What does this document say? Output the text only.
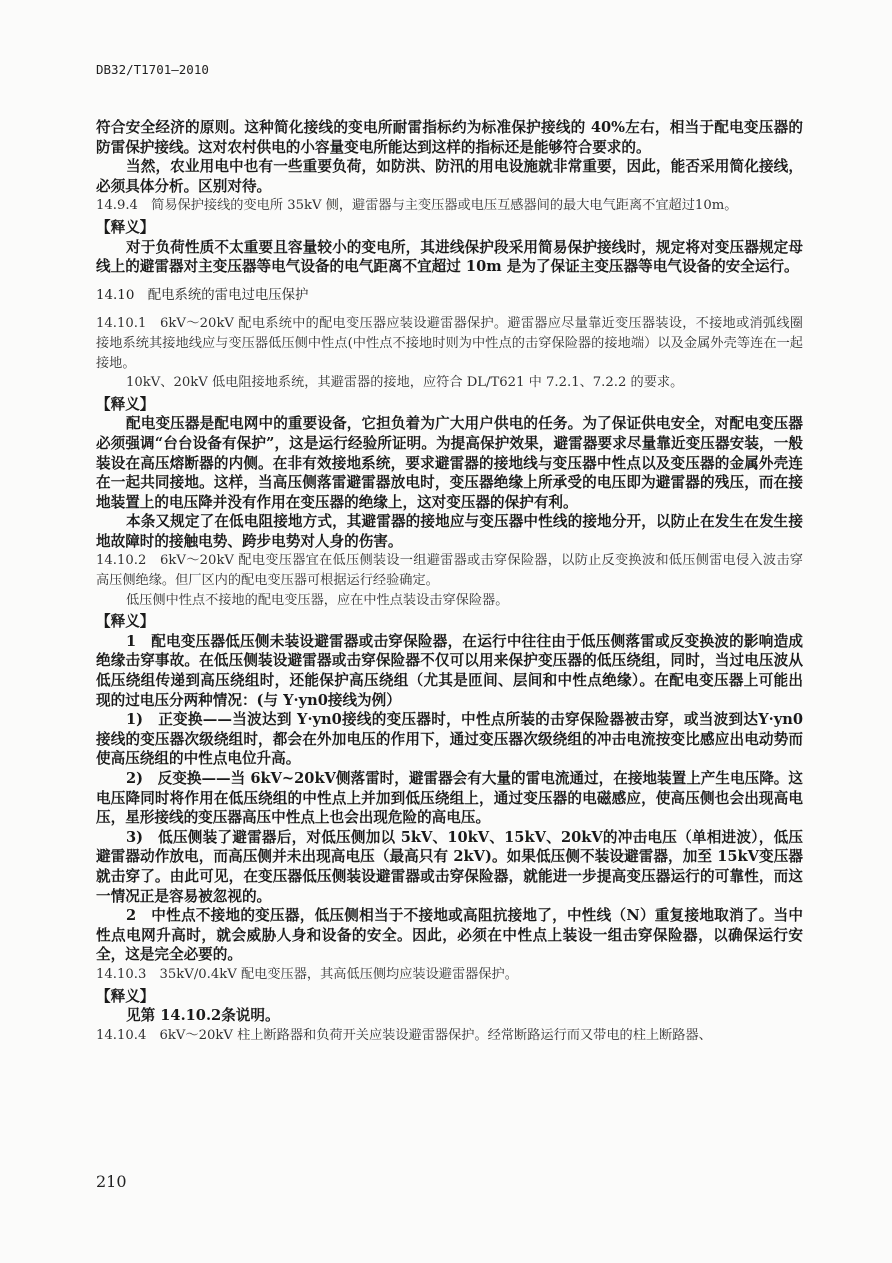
DB32/T1701—2010

符合安全经济的原则。这种简化接线的变电所耐雷指标约为标准保护接线的 40%左右，相当于配电变压器的防雷保护接线。这对农村供电的小容量变电所能达到这样的指标还是能够符合要求的。

当然，农业用电中也有一些重要负荷，如防洪、防汛的用电设施就非常重要，因此，能否采用简化接线，必须具体分析。区别对待。

14.9.4　简易保护接线的变电所 35kV 侧，避雷器与主变压器或电压互感器间的最大电气距离不宜超过10m。

【释义】

对于负荷性质不太重要且容量较小的变电所，其进线保护段采用简易保护接线时，规定将对变压器规定母线上的避雷器对主变压器等电气设备的电气距离不宜超过 10m 是为了保证主变压器等电气设备的安全运行。

14.10　配电系统的雷电过电压保护

14.10.1　6kV～20kV 配电系统中的配电变压器应装设避雷器保护。避雷器应尽量靠近变压器装设，不接地或消弧线圈接地系统其接地线应与变压器低压侧中性点(中性点不接地时则为中性点的击穿保险器的接地端）以及金属外壳等连在一起接地。

10kV、20kV 低电阻接地系统，其避雷器的接地，应符合 DL/T621 中 7.2.1、7.2.2 的要求。

【释义】

配电变压器是配电网中的重要设备，它担负着为广大用户供电的任务。为了保证供电安全，对配电变压器必须强调“台台设备有保护”，这是运行经验所证明。为提高保护效果，避雷器要求尽量靠近变压器安装，一般装设在高压熔断器的内侧。在非有效接地系统，要求避雷器的接地线与变压器中性点以及变压器的金属外壳连在一起共同接地。这样，当高压侧落雷避雷器放电时，变压器绝缘上所承受的电压即为避雷器的残压，而在接地装置上的电压降并没有作用在变压器的绝缘上，这对变压器的保护有利。

本条又规定了在低电阻接地方式，其避雷器的接地应与变压器中性线的接地分开，以防止在发生在发生接地故障时的接触电势、跨步电势对人身的伤害。

14.10.2　6kV～20kV 配电变压器宜在低压侧装设一组避雷器或击穿保险器，以防止反变换波和低压侧雷电侵入波击穿高压侧绝缘。但厂区内的配电变压器可根据运行经验确定。

低压侧中性点不接地的配电变压器，应在中性点装设击穿保险器。

【释义】

1　配电变压器低压侧未装设避雷器或击穿保险器，在运行中往往由于低压侧落雷或反变换波的影响造成绝缘击穿事故。在低压侧装设避雷器或击穿保险器不仅可以用来保护变压器的低压绕组，同时，当过电压波从低压绕组传递到高压绕组时，还能保护高压绕组（尤其是匝间、层间和中性点绝缘）。在配电变压器上可能出现的过电压分两种情况：(与 Y·yn0接线为例）

1)　正变换——当波达到 Y·yn0接线的变压器时，中性点所装的击穿保险器被击穿，或当波到达Y·yn0接线的变压器次级绕组时，都会在外加电压的作用下，通过变压器次级绕组的冲击电流按变比感应出电动势而使高压绕组的中性点电位升高。

2)　反变换——当 6kV~20kV侧落雷时，避雷器会有大量的雷电流通过，在接地装置上产生电压降。这电压降同时将作用在低压绕组的中性点上并加到低压绕组上，通过变压器的电磁感应，使高压侧也会出现高电压，星形接线的变压器高压中性点上也会出现危险的高电压。

3)　低压侧装了避雷器后，对低压侧加以 5kV、10kV、15kV、20kV的冲击电压（单相进波），低压避雷器动作放电，而高压侧并未出现高电压（最高只有 2kV)。如果低压侧不装设避雷器，加至 15kV变压器就击穿了。由此可见，在变压器低压侧装设避雷器或击穿保险器，就能进一步提高变压器运行的可靠性，而这一情况正是容易被忽视的。

2　中性点不接地的变压器，低压侧相当于不接地或高阻抗接地了，中性线（N）重复接地取消了。当中性点电网升高时，就会威胁人身和设备的安全。因此，必须在中性点上装设一组击穿保险器，以确保运行安全，这是完全必要的。

14.10.3　35kV/0.4kV 配电变压器，其高低压侧均应装设避雷器保护。

【释义】

见第 14.10.2条说明。

14.10.4　6kV～20kV 柱上断路器和负荷开关应装设避雷器保护。经常断路运行而又带电的柱上断路器、

210
